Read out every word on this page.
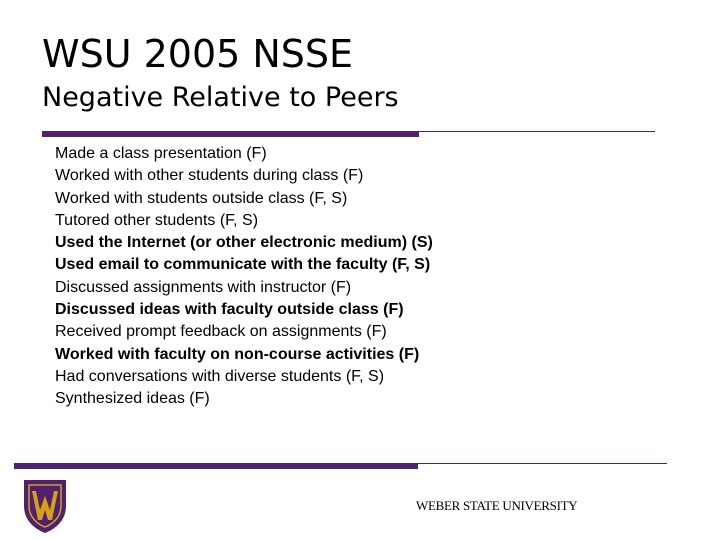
WSU 2005 NSSE
Negative Relative to Peers
Made a class presentation (F)
Worked with other students during class (F)
Worked with students outside class (F, S)
Tutored other students (F, S)
Used the Internet (or other electronic medium) (S)
Used email to communicate with the faculty (F, S)
Discussed assignments with instructor (F)
Discussed ideas with faculty outside class (F)
Received prompt feedback on assignments (F)
Worked with faculty on non-course activities (F)
Had conversations with diverse students (F, S)
Synthesized ideas (F)
WEBER STATE UNIVERSITY
